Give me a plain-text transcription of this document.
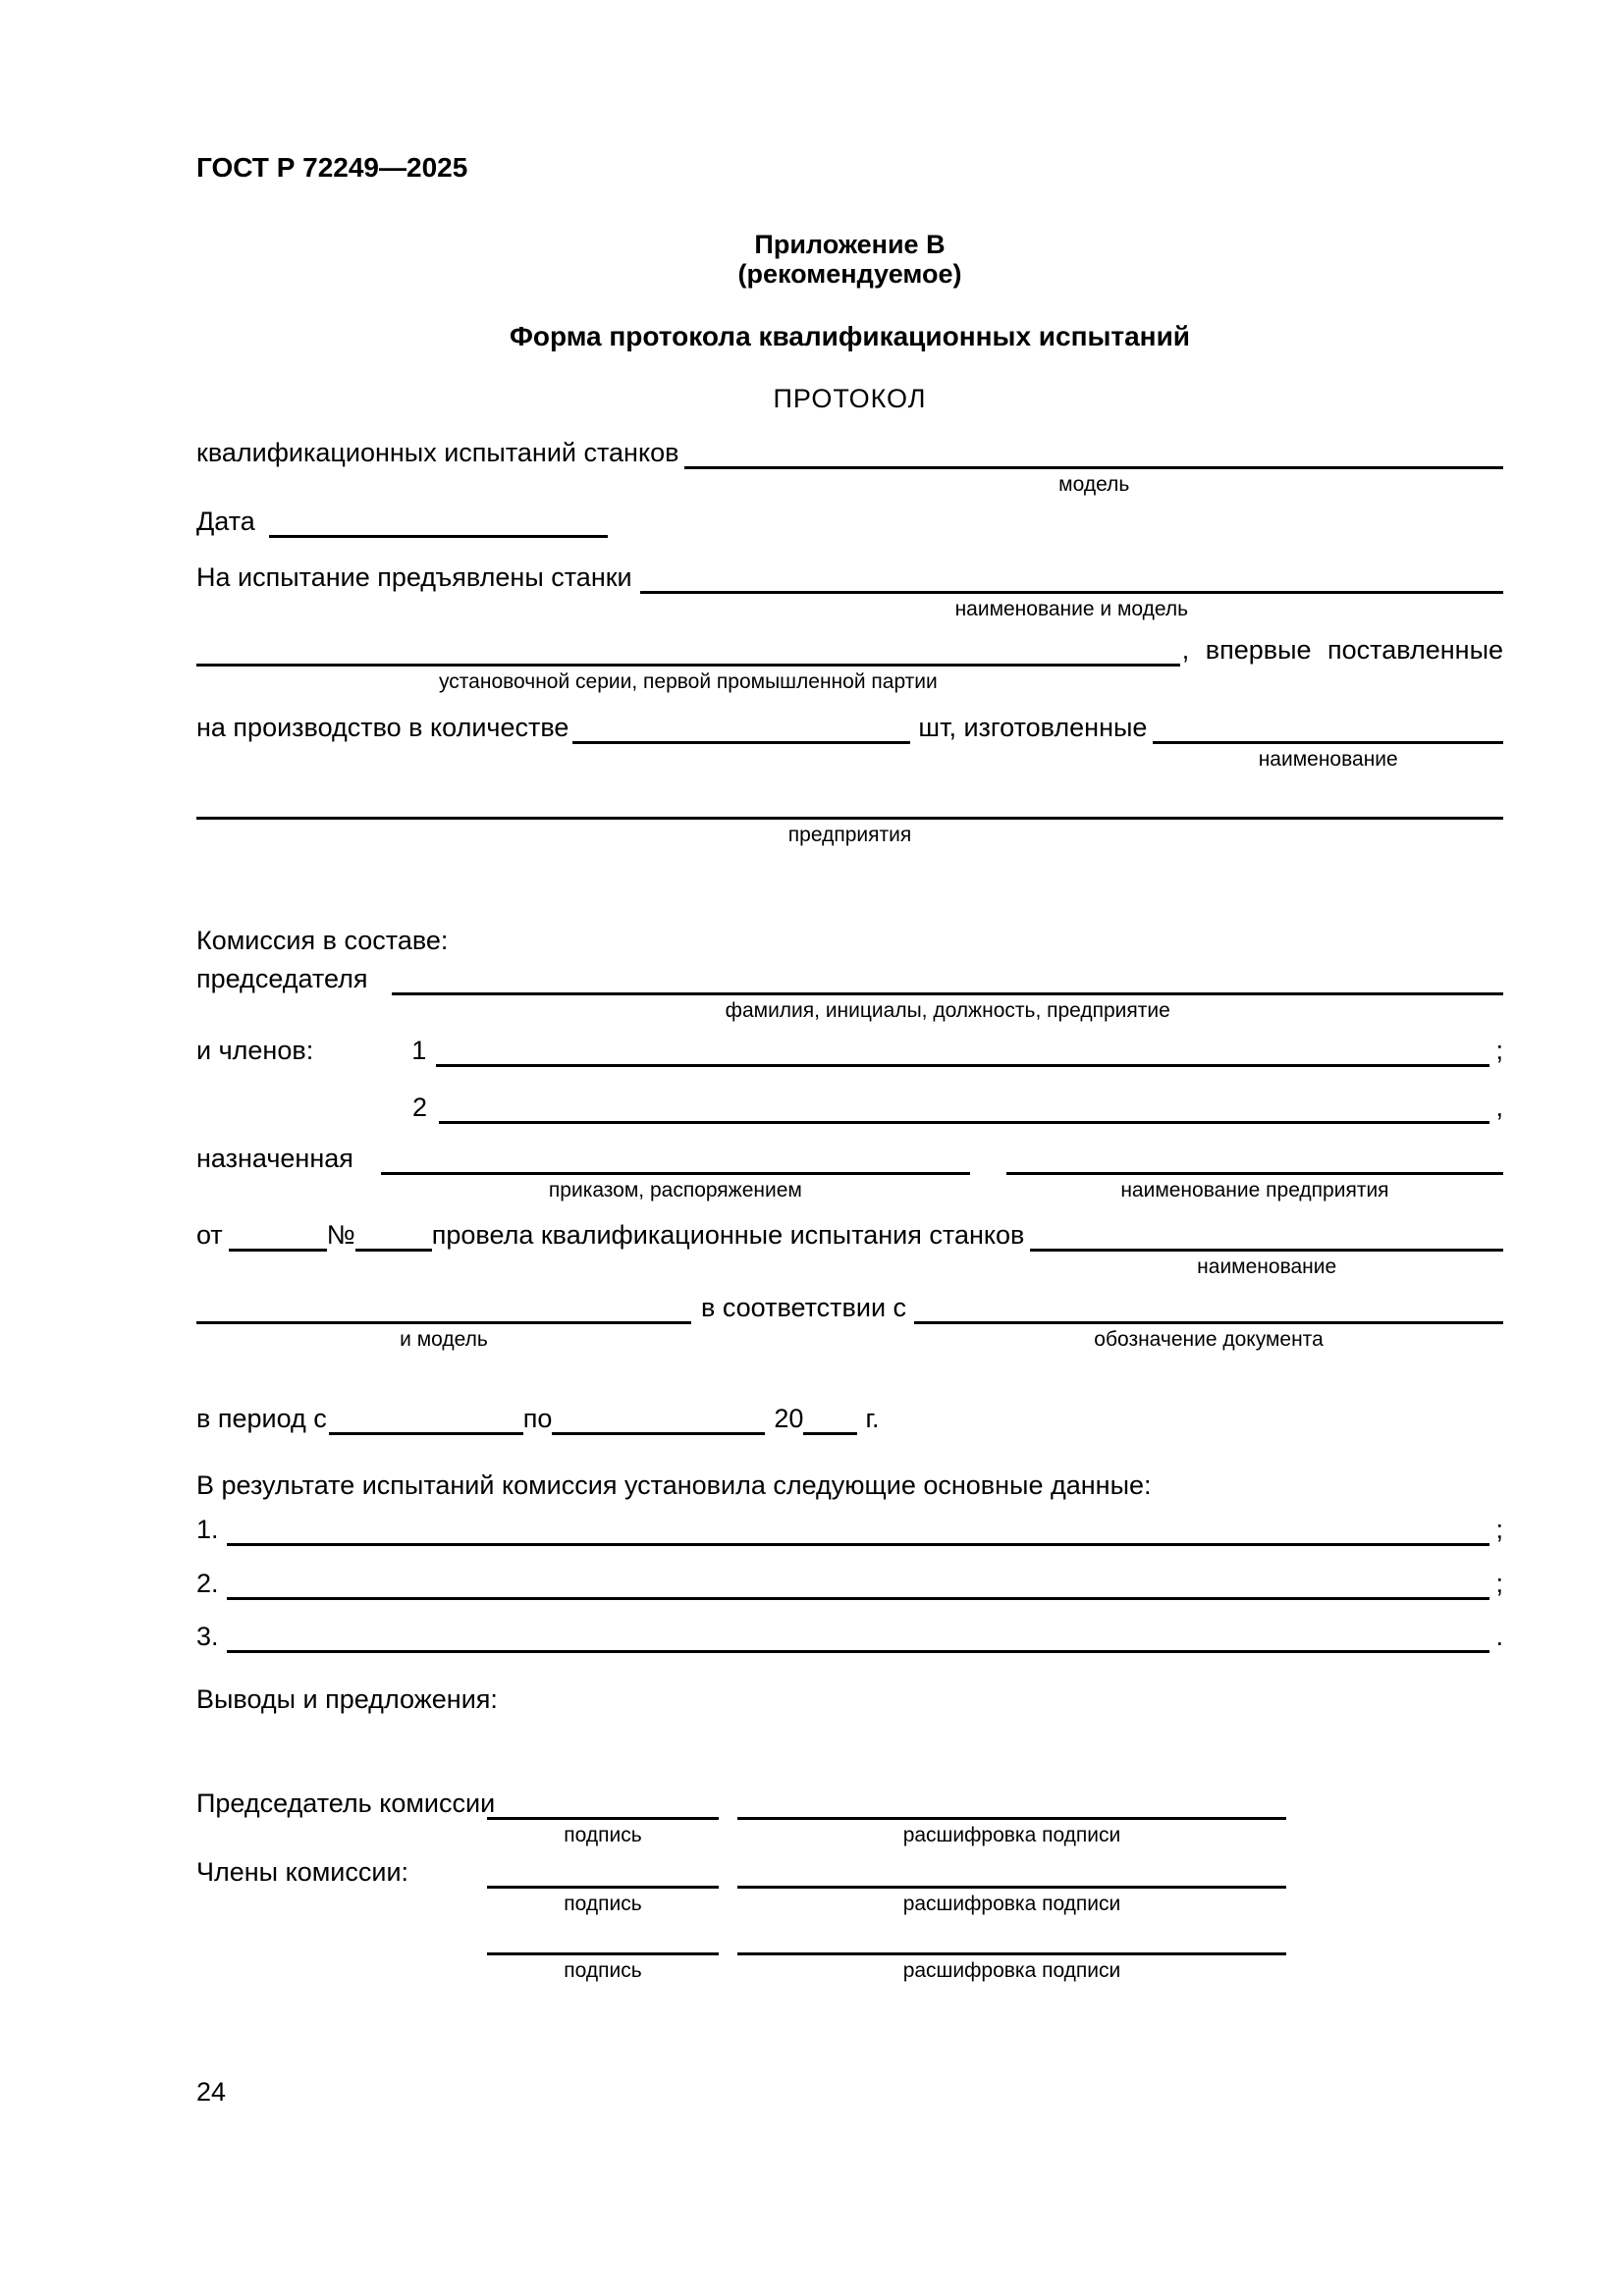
ГОСТ Р 72249—2025
Приложение В
(рекомендуемое)
Форма протокола квалификационных испытаний
ПРОТОКОЛ
квалификационных испытаний станков
модель
Дата
На испытание предъявлены станки
наименование и модель
установочной серии, первой промышленной партии
, впервые поставленные
на производство в количестве	шт, изготовленные
наименование
предприятия
Комиссия в составе:
председателя
фамилия, инициалы, должность, предприятие
и членов:	1	;
2	,
назначенная
приказом, распоряжением	наименование предприятия
от	№	провела квалификационные испытания станков
наименование
и модель
в соответствии с
обозначение документа
в период с	по	20 г.
В результате испытаний комиссия установила следующие основные данные:
1.	;
2.	;
3.	.
Выводы и предложения:
Председатель комиссии
подпись	расшифровка подписи
Члены комиссии:
подпись	расшифровка подписи
подпись	расшифровка подписи
24
